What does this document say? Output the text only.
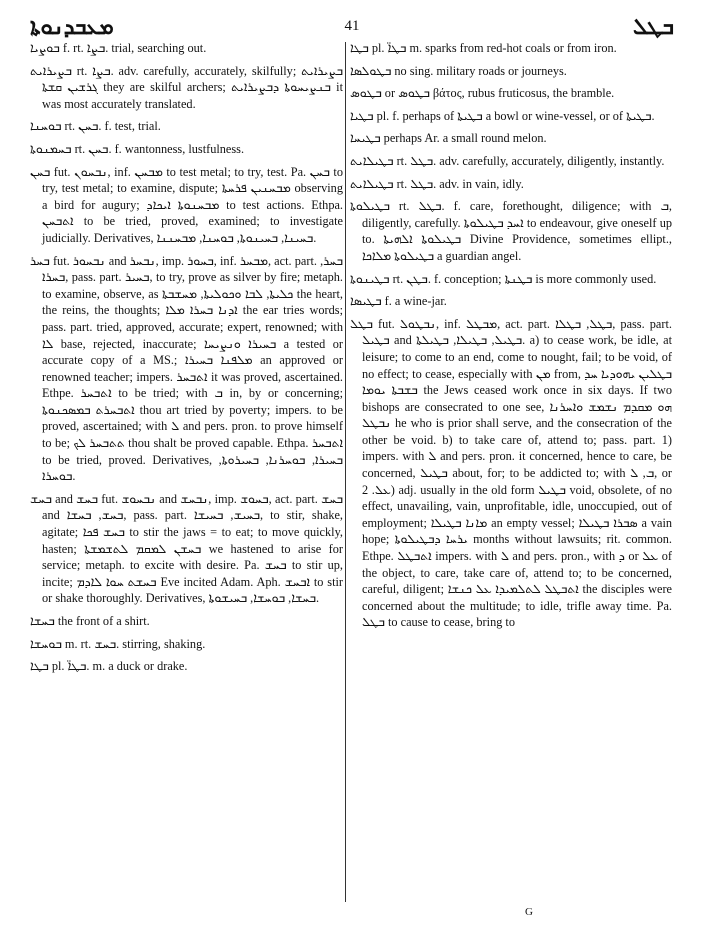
ܡܥܒܕܢܘܬܐ	41	ܒܛܠ

ܒܘܨܝܐ f. rt. ܒܨܐ. trial, searching out.

ܒܨܝܪܐܝܬ rt. ܒܨܐ. adv. carefully, accurately, skilfully; ܒܨܝܪܐܝܬ ܓܪܫܝܢ ܩܫܬܐ they are skilful archers; ܒܢܨܝܚܘܬܐ ܕܒܨܝܪܐܝܬ it was most accurately translated.

ܒܘܚܢܐ rt. ܒܚܢ. f. test, trial.

ܒܚܡܢܘܬܐ rt. ܒܚܢ. f. wantonness, lustfulness.

ܒܚܢ fut. ܢܒܚܘܢ, inf. ܡܒܚܢ to test metal; to try, test. Pa. ܒܚܢ to try, test metal; to examine, dispute; ܡܒܚܢܝܢ ܦܪܚܬܐ observing a bird for augury; ܡܒܚܢܘܬܐ ܐܝܟܐܕ to test actions. Ethpa. ܐܬܒܚܢ to be tried, proved, examined; to investigate judicially. Derivatives, ܒܚܝܢܐ, ܒܚܝܢܘܬܐ, ܒܘܚܢܐ, ܡܒܚܢܢܐ.

ܒܚܪ fut. ܢܒܚܘܪ and ܢܒܚܪ, imp. ܒܚܘܪ, inf. ܡܒܚܪ, act. part. ܒܚܪ, ܒܚܪܐ, pass. part. ܒܚܝܪ, to try, prove as silver by fire; metaph. to examine, observe, as ܟܠܝܬܐ, ܠܒܐ ܘܟܘܠܝܬܐ, ܡܚܫܒܬܐ the heart, the reins, the thoughts; ܐܕܢܐ ܒܚܪܐ ܡܠܐ the ear tries words; pass. part. tried, approved, accurate; expert, renowned; with ܠܐ base, rejected, inaccurate; ܒܚܝܪܐ ܘܢܨܝܚܐ a tested or accurate copy of a MS.; ܡܠܦܢܐ ܒܚܝܪܐ an approved or renowned teacher; impers. ܐܬܒܚܪ it was proved, ascertained. Ethpe. ܐܬܒܚܪ to be tried; with ܒ in, by or concerning; ܐܬܒܚܪܬ ܒܡܣܟܢܘܬܐ thou art tried by poverty; impers. to be proved, ascertained; with ܠ and pers. pron. to prove himself to be; ܬܬܒܚܪ ܠܟ thou shalt be proved capable. Ethpa. ܐܬܒܚܪ to be tried, proved. Derivatives, ܒܚܝܪܐ, ܒܘܚܪܢܐ, ܒܚܝܪܘܬܐ, ܒܘܚܪܐ.

ܒܚܫ and ܒܚܫ fut. ܢܒܚܘܫ and ܢܒܚܫ, imp. ܒܚܘܫ, act. part. ܒܚܫ and ܒܚܫ, ܒܚܫܐ, pass. part. ܒܚܝܫ, ܒܚܝܫܐ, to stir, shake, agitate; ܒܚܫ ܦܟܐ to stir the jaws = to eat; to move quickly, hasten; ܒܚܫܢ ܠܡܩܡ ܠܬܫܡܫܬܐ we hastened to arise for service; metaph. to excite with desire. Pa. ܒܚܫ to stir up, incite; ܒܚܫܬ ܚܘܐ ܠܐܕܡ Eve incited Adam. Aph. ܐܒܚܫ to stir or shake thoroughly. Derivatives, ܒܚܫܐ, ܒܘܚܫܐ, ܒܚܝܫܘܬܐ.

ܒܚܫܐ the front of a shirt.

ܒܘܚܫܐ m. rt. ܒܚܫ. stirring, shaking.

ܒܛܐ pl. ܒܛܐ̈. m. a duck or drake.

ܒܛܐ pl. ܒܛܐ̈ m. sparks from red-hot coals or from iron.

ܒܛܘܠܣܐ no sing. military roads or journeys.

ܒܛܘܣ or ܒܛܘܣ βάτος, rubus fruticosus, the bramble.

ܒܛܝܐ pl. f. perhaps of ܒܛܝܬܐ a bowl or wine-vessel, or of ܒܛܝܬܐ.

ܒܛܝܚܐ perhaps Ar. a small round melon.

ܒܛܝܠܐܝܬ rt. ܒܛܠ. adv. carefully, accurately, diligently, instantly.

ܒܛܝܠܐܝܬ rt. ܒܛܠ. adv. in vain, idly.

ܒܛܝܠܘܬܐ rt. ܒܛܠ. f. care, forethought, diligence; with ܒ, diligently, carefully. ܐܚܕ ܒܛܝܠܘܬܐ to endeavour, give oneself up to. ܒܛܝܠܘܬܐ ܐܠܗܝܬܐ Divine Providence, sometimes ellipt., ܒܛܝܠܘܬܐ ܡܠܐܟܐ a guardian angel.

ܒܛܝܢܘܬܐ rt. ܒܛܢ. f. conception; ܒܛܢܬܐ is more commonly used.

ܒܛܝܣܐ f. a wine-jar.

ܒܛܠ fut. ܢܒܛܘܠ, inf. ܡܒܛܠ, act. part. ܒܛܠ, ܒܛܠܐ, pass. part. ܒܛܝܠ and ܒܛܝܠ, ܒܛܝܠܐ, ܒܛܝܠܬܐ. a) to cease work, be idle, at leisure; to come to an end, come to nought, fail; to be void, of no effect; to cease, especially with ܡܢ from, ܒܛܠܝܢ ܝܗܘܕܝܐ ܚܕ ܒܫܒܬܐ ܝܘܡܐ the Jews ceased work once in six days. If two bishops are consecrated to one see, ܗܘ ܡܩܕܡ ܢܫܡܫ ܘܐܚܪܢܐ ܢܒܛܠ he who is prior shall serve, and the consecration of the other be void. b) to take care of, attend to; pass. part. 1) impers. with ܠ and pers. pron. it concerned, hence to care, be concerned, ܒܛܝܠ about, for; to be addicted to; with ܒ, ܠ, or ܥܠ. 2) adj. usually in the old form ܒܛܝܠ void, obsolete, of no effect, unavailing, vain, unprofitable, idle, unoccupied, out of employment; ܡܐܢܐ ܒܛܝܠܐ an empty vessel; ܣܒܪܐ ܒܛܝܠܐ a vain hope; ܝܪܚܐ ܕܒܛܝܠܘܬܐ months without lawsuits; rit. common. Ethpe. ܐܬܒܛܠ impers. with ܠ and pers. pron., with ܕ or ܥܠ of the object, to care, take care of, attend to; to be concerned, careful, diligent; ܐܬܒܛܠ ܠܬܠܡܝܕܐ ܥܠ ܟܢܫܐ the disciples were concerned about the multitude; to idle, trifle away time. Pa. ܒܛܠ to cause to cease, bring to

G
